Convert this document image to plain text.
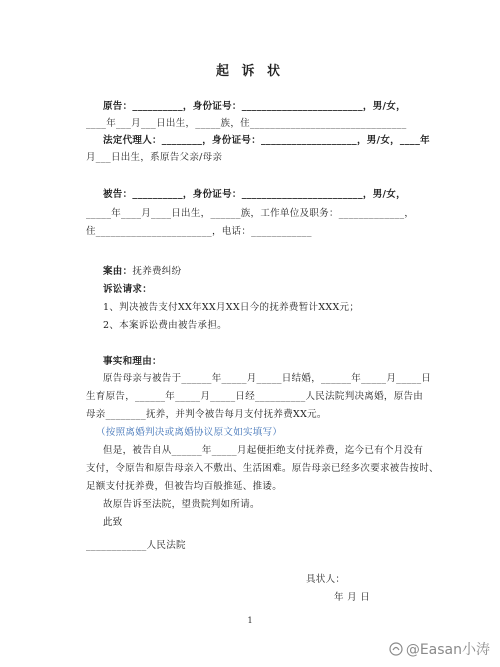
起 诉 状
原告：__________，身份证号：________________________，男/女，
____年___月___日出生，_____族，住_______________________________
法定代理人：________，身份证号：___________________，男/女，____年
月___日出生，系原告父亲/母亲
被告：__________，身份证号：________________________，男/女，
_____年____月____日出生，______族，工作单位及职务：_____________，
住_______________________，电话：____________
案由：抚养费纠纷
诉讼请求：
1、判决被告支付XX年XX月XX日今的抚养费暂计XXX元；
2、本案诉讼费由被告承担。
事实和理由：
原告母亲与被告于______年_____月_____日结婚，______年_____月_____日
生育原告，______年_____月_____日经__________人民法院判决离婚，原告由
母亲________抚养，并判令被告每月支付抚养费XX元。
（按照离婚判决或离婚协议原文如实填写）
但是，被告自从______年_____月起便拒绝支付抚养费，迄今已有个月没有
支付，令原告和原告母亲入不敷出、生活困难。原告母亲已经多次要求被告按时、
足额支付抚养费，但被告均百般推延、推诿。
故原告诉至法院，望贵院判如所请。
此致
____________人民法院
具状人：
年 月 日
1
@Easan小涛
